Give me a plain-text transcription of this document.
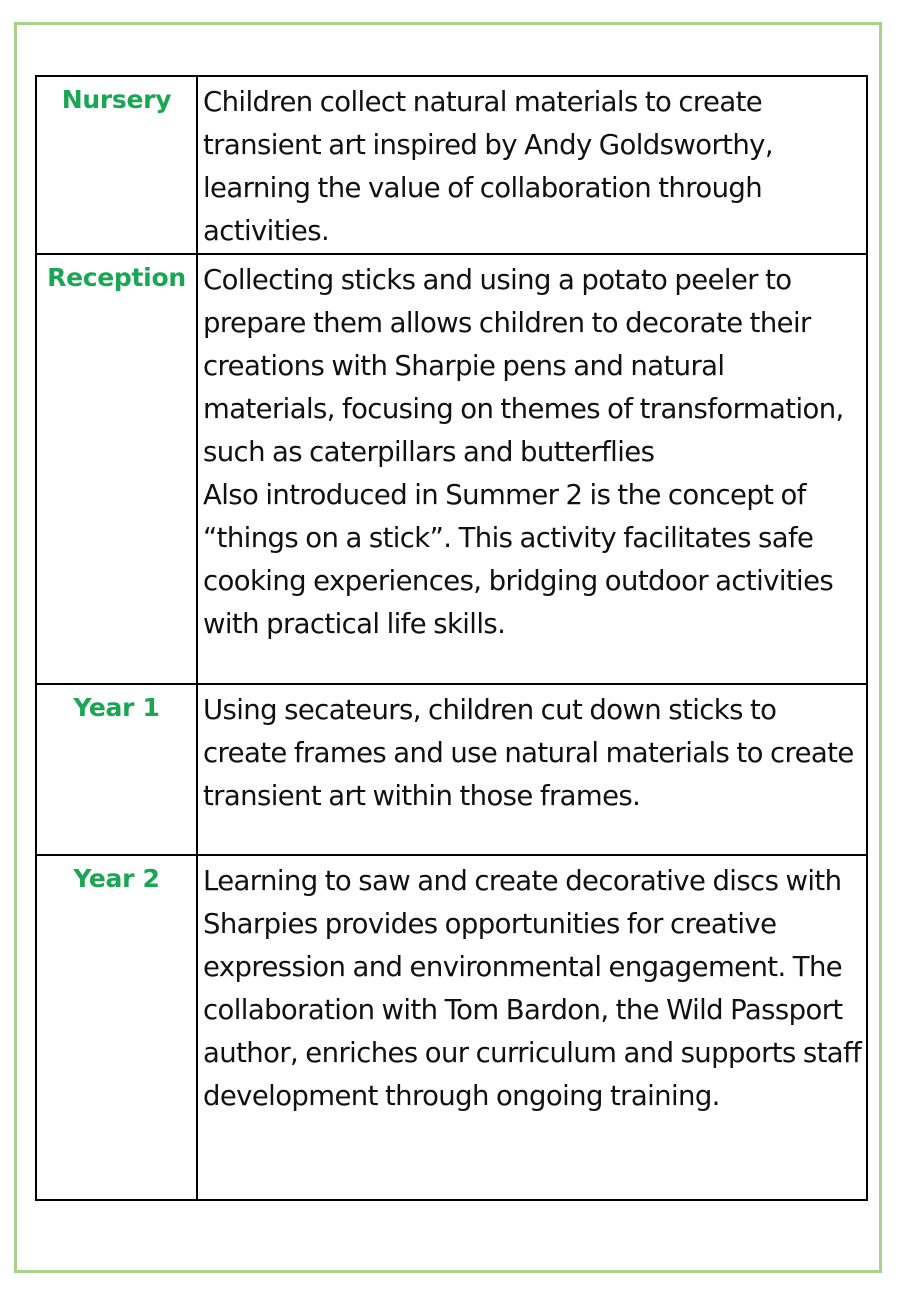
Nursery	Children collect natural materials to create transient art inspired by Andy Goldsworthy, learning the value of collaboration through activities.

Reception	Collecting sticks and using a potato peeler to prepare them allows children to decorate their creations with Sharpie pens and natural materials, focusing on themes of transformation, such as caterpillars and butterflies
Also introduced in Summer 2 is the concept of “things on a stick”. This activity facilitates safe cooking experiences, bridging outdoor activities with practical life skills.

Year 1	Using secateurs, children cut down sticks to create frames and use natural materials to create transient art within those frames.

Year 2	Learning to saw and create decorative discs with Sharpies provides opportunities for creative expression and environmental engagement. The collaboration with Tom Bardon, the Wild Passport author, enriches our curriculum and supports staff development through ongoing training.
